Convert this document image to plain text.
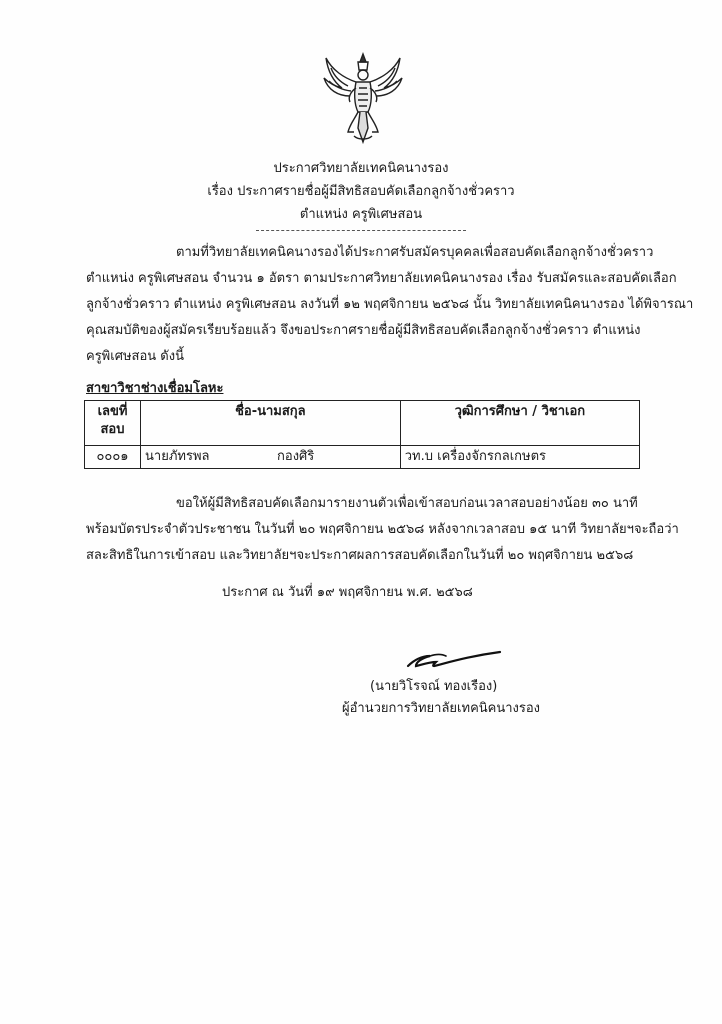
ประกาศวิทยาลัยเทคนิคนางรอง
เรื่อง ประกาศรายชื่อผู้มีสิทธิสอบคัดเลือกลูกจ้างชั่วคราว
ตำแหน่ง ครูพิเศษสอน
ตามที่วิทยาลัยเทคนิคนางรองได้ประกาศรับสมัครบุคคลเพื่อสอบคัดเลือกลูกจ้างชั่วคราว
ตำแหน่ง ครูพิเศษสอน จำนวน ๑ อัตรา ตามประกาศวิทยาลัยเทคนิคนางรอง เรื่อง รับสมัครและสอบคัดเลือก
ลูกจ้างชั่วคราว ตำแหน่ง ครูพิเศษสอน ลงวันที่ ๑๒ พฤศจิกายน ๒๕๖๘ นั้น วิทยาลัยเทคนิคนางรอง ได้พิจารณา
คุณสมบัติของผู้สมัครเรียบร้อยแล้ว จึงขอประกาศรายชื่อผู้มีสิทธิสอบคัดเลือกลูกจ้างชั่วคราว ตำแหน่ง
ครูพิเศษสอน ดังนี้
สาขาวิชาช่างเชื่อมโลหะ
เลขที่
สอบ	ชื่อ-นามสกุล	วุฒิการศึกษา / วิชาเอก
๐๐๐๑	นายภัทรพล กองศิริ	วท.บ เครื่องจักรกลเกษตร
ขอให้ผู้มีสิทธิสอบคัดเลือกมารายงานตัวเพื่อเข้าสอบก่อนเวลาสอบอย่างน้อย ๓๐ นาที
พร้อมบัตรประจำตัวประชาชน ในวันที่ ๒๐ พฤศจิกายน ๒๕๖๘ หลังจากเวลาสอบ ๑๕ นาที วิทยาลัยฯจะถือว่า
สละสิทธิในการเข้าสอบ และวิทยาลัยฯจะประกาศผลการสอบคัดเลือกในวันที่ ๒๐ พฤศจิกายน ๒๕๖๘
ประกาศ ณ วันที่ ๑๙ พฤศจิกายน พ.ศ. ๒๕๖๘
(นายวิโรจณ์ ทองเรือง)
ผู้อำนวยการวิทยาลัยเทคนิคนางรอง
